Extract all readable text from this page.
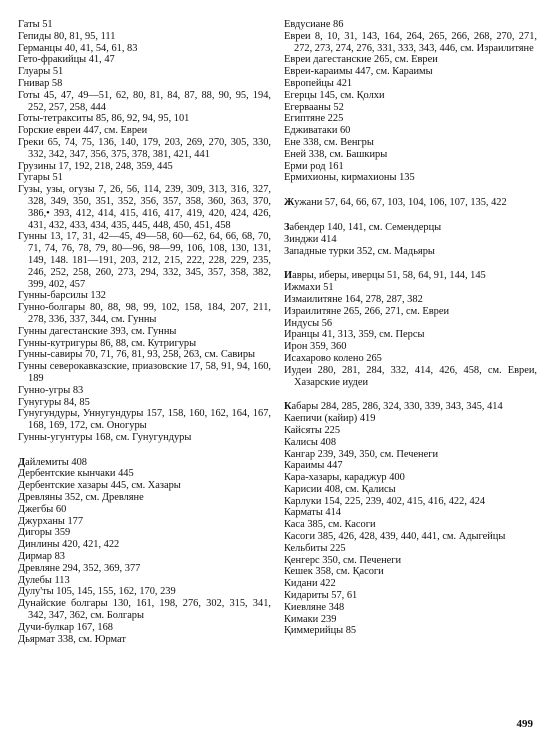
Гаты 51
Гепиды 80, 81, 95, 111
Германцы 40, 41, 54, 61, 83
Гето-фракийцы 41, 47
Глуары 51
Гнивар 58
Готы 45, 47, 49—51, 62, 80, 81, 84, 87, 88, 90, 95, 194, 252, 257, 258, 444
Готы-тетракситы 85, 86, 92, 94, 95, 101
Горские евреи 447, см. Евреи
Греки 65, 74, 75, 136, 140, 179, 203, 269, 270, 305, 330, 332, 342, 347, 356, 375, 378, 381, 421, 441
Грузины 17, 192, 218, 248, 359, 445
Гугары 51
Гузы, узы, огузы 7, 26, 56, 114, 239, 309, 313, 316, 327, 328, 349, 350, 351, 352, 356, 357, 358, 360, 363, 370, 386,• 393, 412, 414, 415, 416, 417, 419, 420, 424, 426, 431, 432, 433, 434, 435, 445, 448, 450, 451, 458
Гунны 13, 17, 31, 42—45, 49—58, 60—62, 64, 66, 68, 70, 71, 74, 76, 78, 79, 80—96, 98—99, 106, 108, 130, 131, 149, 148. 181—191, 203, 212, 215, 222, 228, 229, 235, 246, 252, 258, 260, 273, 294, 332, 345, 357, 358, 382, 399, 402, 457
Гунны-барсилы 132
Гунно-болгары 80, 88, 98, 99, 102, 158, 184, 207, 211, 278, 336, 337, 344, см. Гунны
Гунны дагестанские 393, см. Гунны
Гунны-кутригуры 86, 88, см. Кутригуры
Гунны-савиры 70, 71, 76, 81, 93, 258, 263, см. Савиры
Гунны северокавказские, приазовские 17, 58, 91, 94, 160, 189
Гунно-угры 83
Гунугуры 84, 85
Гунугундуры, Уннугундуры 157, 158, 160, 162, 164, 167, 168, 169, 172, см. Оногуры
Гунны-угунтуры 168, см. Гунугундуры
Дайлемиты 408
Дербентские кынчаки 445
Дербентские хазары 445, см. Хазары
Древляны 352, см. Древляне
Джегбы 60
Джурханы 177
Дигоры 359
Динлины 420, 421, 422
Дирмар 83
Древляне 294, 352, 369, 377
Дулебы 113
Дулу'ты 105, 145, 155, 162, 170, 239
Дунайские болгары 130, 161, 198, 276, 302, 315, 341, 342, 347, 362, см. Болгары
Дучи-булкар 167, 168
Дьярмат 338, см. Юрмат
Евдусиане 86
Евреи 8, 10, 31, 143, 164, 264, 265, 266, 268, 270, 271, 272, 273, 274, 276, 331, 333, 343, 446, см. Израилитяне
Евреи дагестанские 265, см. Евреи
Евреи-караимы 447, см. Караимы
Европейцы 421
Егерцы 145, см. Қолхи
Егервааны 52
Египтяне 225
Едживатаки 60
Ене 338, см. Венгры
Еней 338, см. Башкиры
Ерми род 161
Ермихионы, кирмахионы 135
Жужани 57, 64, 66, 67, 103, 104, 106, 107, 135, 422
Забендер 140, 141, см. Семендерцы
Зинджи 414
Западные турки 352, см. Мадьяры
Иавры, иберы, иверцы 51, 58, 64, 91, 144, 145
Ижмахи 51
Измаилитяне 164, 278, 287, 382
Израилитяне 265, 266, 271, см. Евреи
Индусы 56
Иранцы 41, 313, 359, см. Персы
Ирон 359, 360
Исахарово колено 265
Иудеи 280, 281, 284, 332, 414, 426, 458, см. Евреи, Хазарские иудеи
Кабары 284, 285, 286, 324, 330, 339, 343, 345, 414
Каепичи (кайир) 419
Кайсяты 225
Калисы 408
Кангар 239, 349, 350, см. Печенеги
Караимы 447
Кара-хазары, караджур 400
Карисии 408, см. Қалисы
Карлуки 154, 225, 239, 402, 415, 416, 422, 424
Карматы 414
Каса 385, см. Касоги
Касоги 385, 426, 428, 439, 440, 441, см. Адыгейцы
Кельбиты 225
Қенгерс 350, см. Печенеги
Кешек 358, см. Қасоги
Кидани 422
Кидариты 57, 61
Киевляне 348
Кимаки 239
Қиммерийцы 85
499
